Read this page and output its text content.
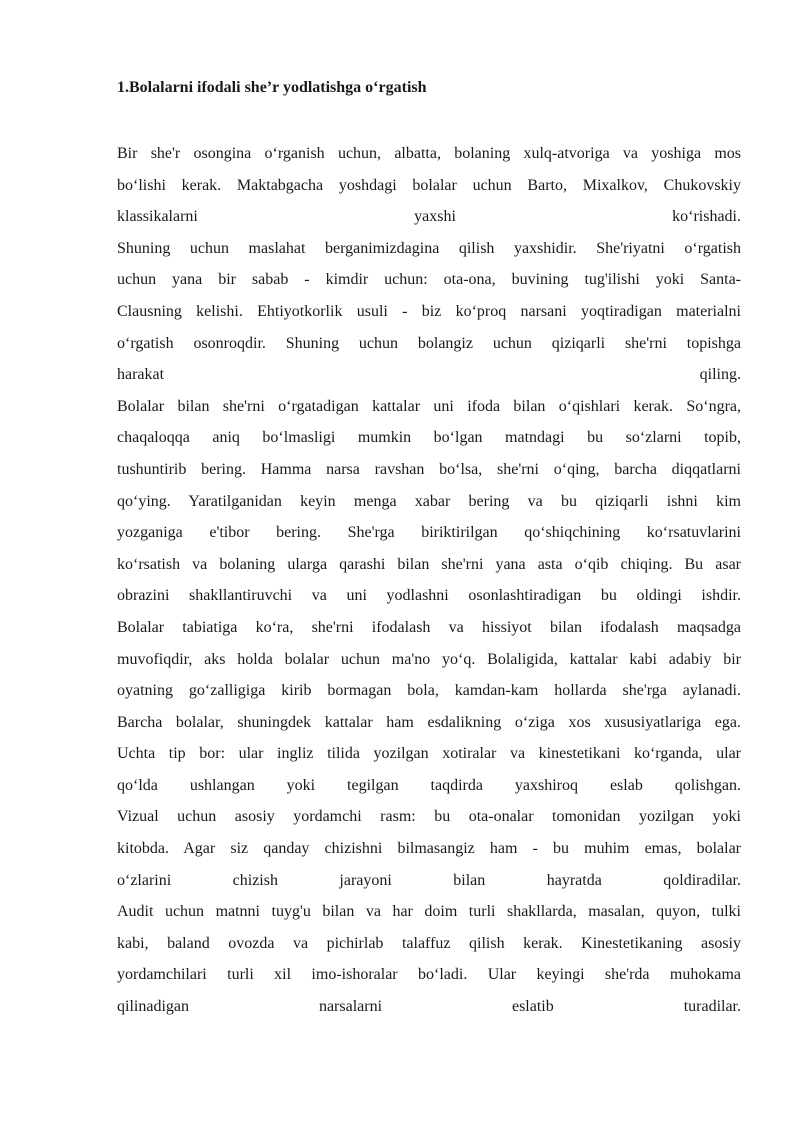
1.Bolalarni ifodali she’r yodlatishga o‘rgatish
Bir she'r osongina o‘rganish uchun, albatta, bolaning xulq-atvoriga va yoshiga mos
bo‘lishi kerak. Maktabgacha yoshdagi bolalar uchun Barto, Mixalkov, Chukovskiy
klassikalarni yaxshi ko‘rishadi.
Shuning uchun maslahat berganimizdagina qilish yaxshidir. She'riyatni o‘rgatish
uchun yana bir sabab - kimdir uchun: ota-ona, buvining tug'ilishi yoki Santa-
Clausning kelishi. Ehtiyotkorlik usuli - biz ko‘proq narsani yoqtiradigan materialni
o‘rgatish osonroqdir. Shuning uchun bolangiz uchun qiziqarli she'rni topishga
harakat qiling.
Bolalar bilan she'rni o‘rgatadigan kattalar uni ifoda bilan o‘qishlari kerak. So‘ngra,
chaqaloqqa aniq bo‘lmasligi mumkin bo‘lgan matndagi bu so‘zlarni topib,
tushuntirib bering. Hamma narsa ravshan bo‘lsa, she'rni o‘qing, barcha diqqatlarni
qo‘ying. Yaratilganidan keyin menga xabar bering va bu qiziqarli ishni kim
yozganiga e'tibor bering. She'rga biriktirilgan qo‘shiqchining ko‘rsatuvlarini
ko‘rsatish va bolaning ularga qarashi bilan she'rni yana asta o‘qib chiqing. Bu asar
obrazini shakllantiruvchi va uni yodlashni osonlashtiradigan bu oldingi ishdir.
Bolalar tabiatiga ko‘ra, she'rni ifodalash va hissiyot bilan ifodalash maqsadga
muvofiqdir, aks holda bolalar uchun ma'no yo‘q. Bolaligida, kattalar kabi adabiy bir
oyatning go‘zalligiga kirib bormagan bola, kamdan-kam hollarda she'rga aylanadi.
Barcha bolalar, shuningdek kattalar ham esdalikning o‘ziga xos xususiyatlariga ega.
Uchta tip bor: ular ingliz tilida yozilgan xotiralar va kinestetikani ko‘rganda, ular
qo‘lda ushlangan yoki tegilgan taqdirda yaxshiroq eslab qolishgan.
Vizual uchun asosiy yordamchi rasm: bu ota-onalar tomonidan yozilgan yoki
kitobda. Agar siz qanday chizishni bilmasangiz ham - bu muhim emas, bolalar
o‘zlarini chizish jarayoni bilan hayratda qoldiradilar.
Audit uchun matnni tuyg'u bilan va har doim turli shakllarda, masalan, quyon, tulki
kabi, baland ovozda va pichirlab talaffuz qilish kerak. Kinestetikaning asosiy
yordamchilari turli xil imo-ishoralar bo‘ladi. Ular keyingi she'rda muhokama
qilinadigan narsalarni eslatib turadilar.
